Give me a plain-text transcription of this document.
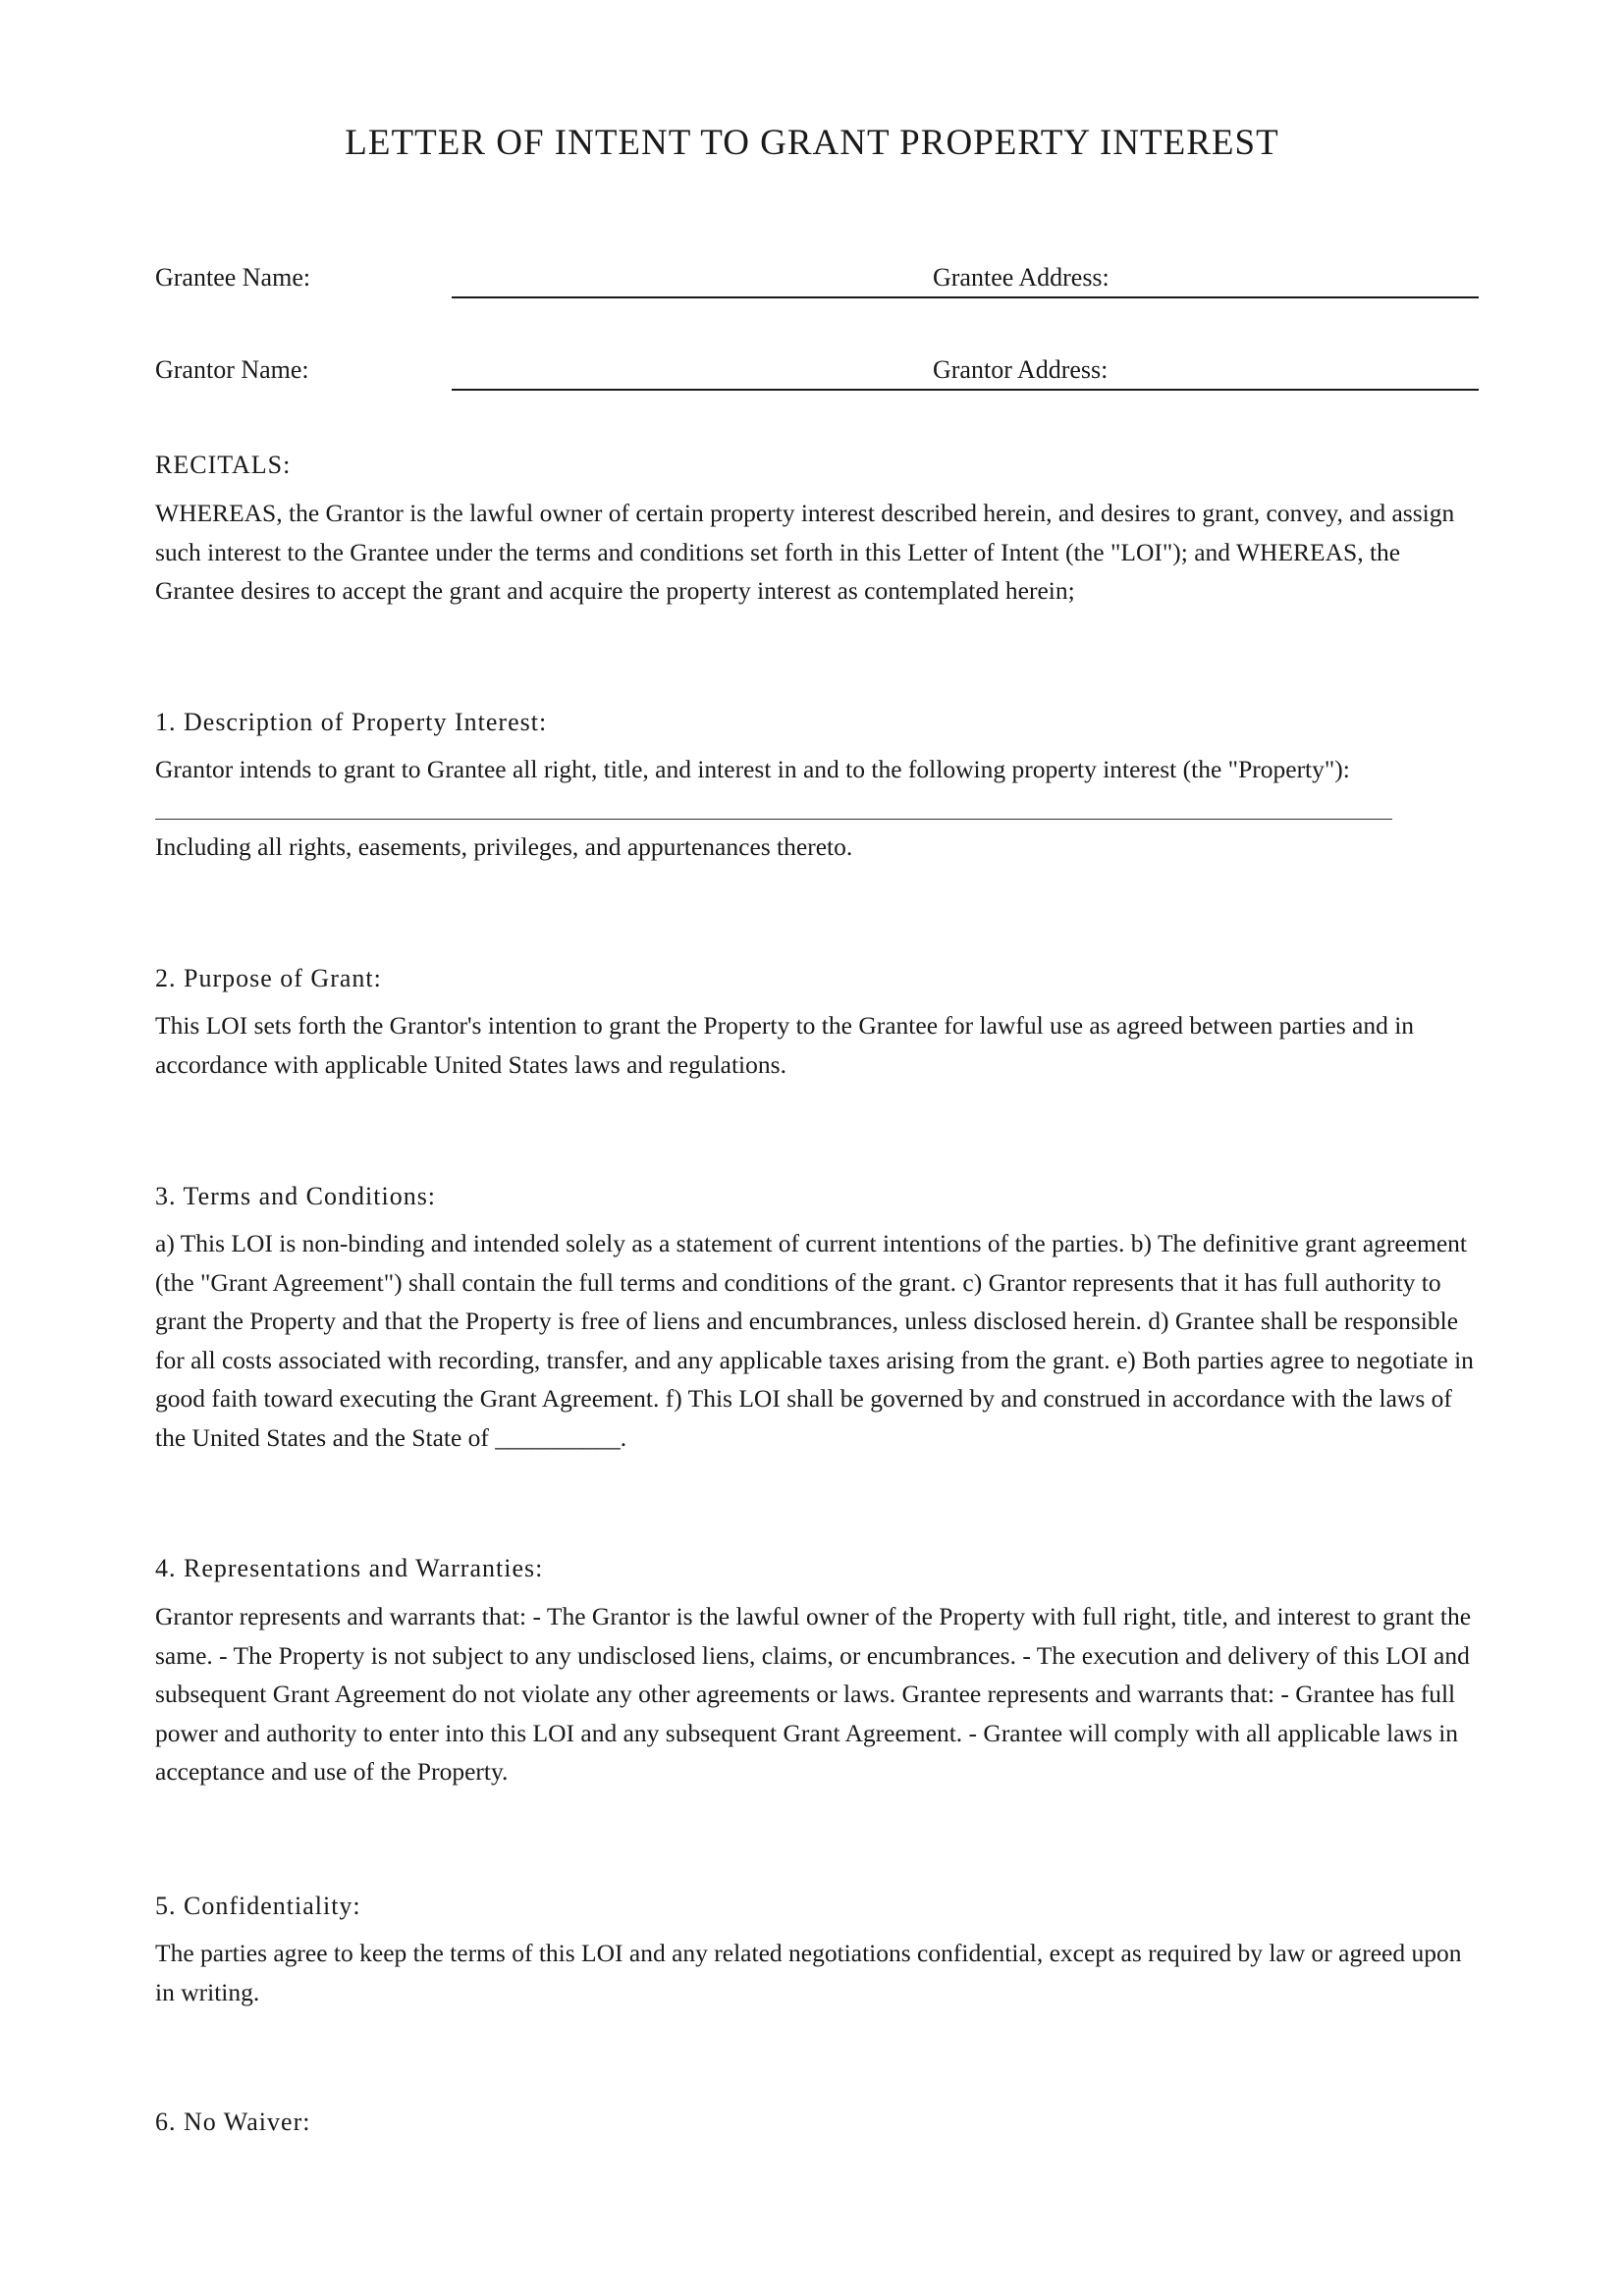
LETTER OF INTENT TO GRANT PROPERTY INTEREST
Grantee Name:	Grantee Address:
Grantor Name:	Grantor Address:
RECITALS:
WHEREAS, the Grantor is the lawful owner of certain property interest described herein, and desires to grant, convey, and assign such interest to the Grantee under the terms and conditions set forth in this Letter of Intent (the "LOI"); and WHEREAS, the Grantee desires to accept the grant and acquire the property interest as contemplated herein;
1. Description of Property Interest:
Grantor intends to grant to Grantee all right, title, and interest in and to the following property interest (the "Property"):
Including all rights, easements, privileges, and appurtenances thereto.
2. Purpose of Grant:
This LOI sets forth the Grantor's intention to grant the Property to the Grantee for lawful use as agreed between parties and in accordance with applicable United States laws and regulations.
3. Terms and Conditions:
a) This LOI is non-binding and intended solely as a statement of current intentions of the parties. b) The definitive grant agreement (the "Grant Agreement") shall contain the full terms and conditions of the grant. c) Grantor represents that it has full authority to grant the Property and that the Property is free of liens and encumbrances, unless disclosed herein. d) Grantee shall be responsible for all costs associated with recording, transfer, and any applicable taxes arising from the grant. e) Both parties agree to negotiate in good faith toward executing the Grant Agreement. f) This LOI shall be governed by and construed in accordance with the laws of the United States and the State of __________.
4. Representations and Warranties:
Grantor represents and warrants that: - The Grantor is the lawful owner of the Property with full right, title, and interest to grant the same. - The Property is not subject to any undisclosed liens, claims, or encumbrances. - The execution and delivery of this LOI and subsequent Grant Agreement do not violate any other agreements or laws. Grantee represents and warrants that: - Grantee has full power and authority to enter into this LOI and any subsequent Grant Agreement. - Grantee will comply with all applicable laws in acceptance and use of the Property.
5. Confidentiality:
The parties agree to keep the terms of this LOI and any related negotiations confidential, except as required by law or agreed upon in writing.
6. No Waiver:
